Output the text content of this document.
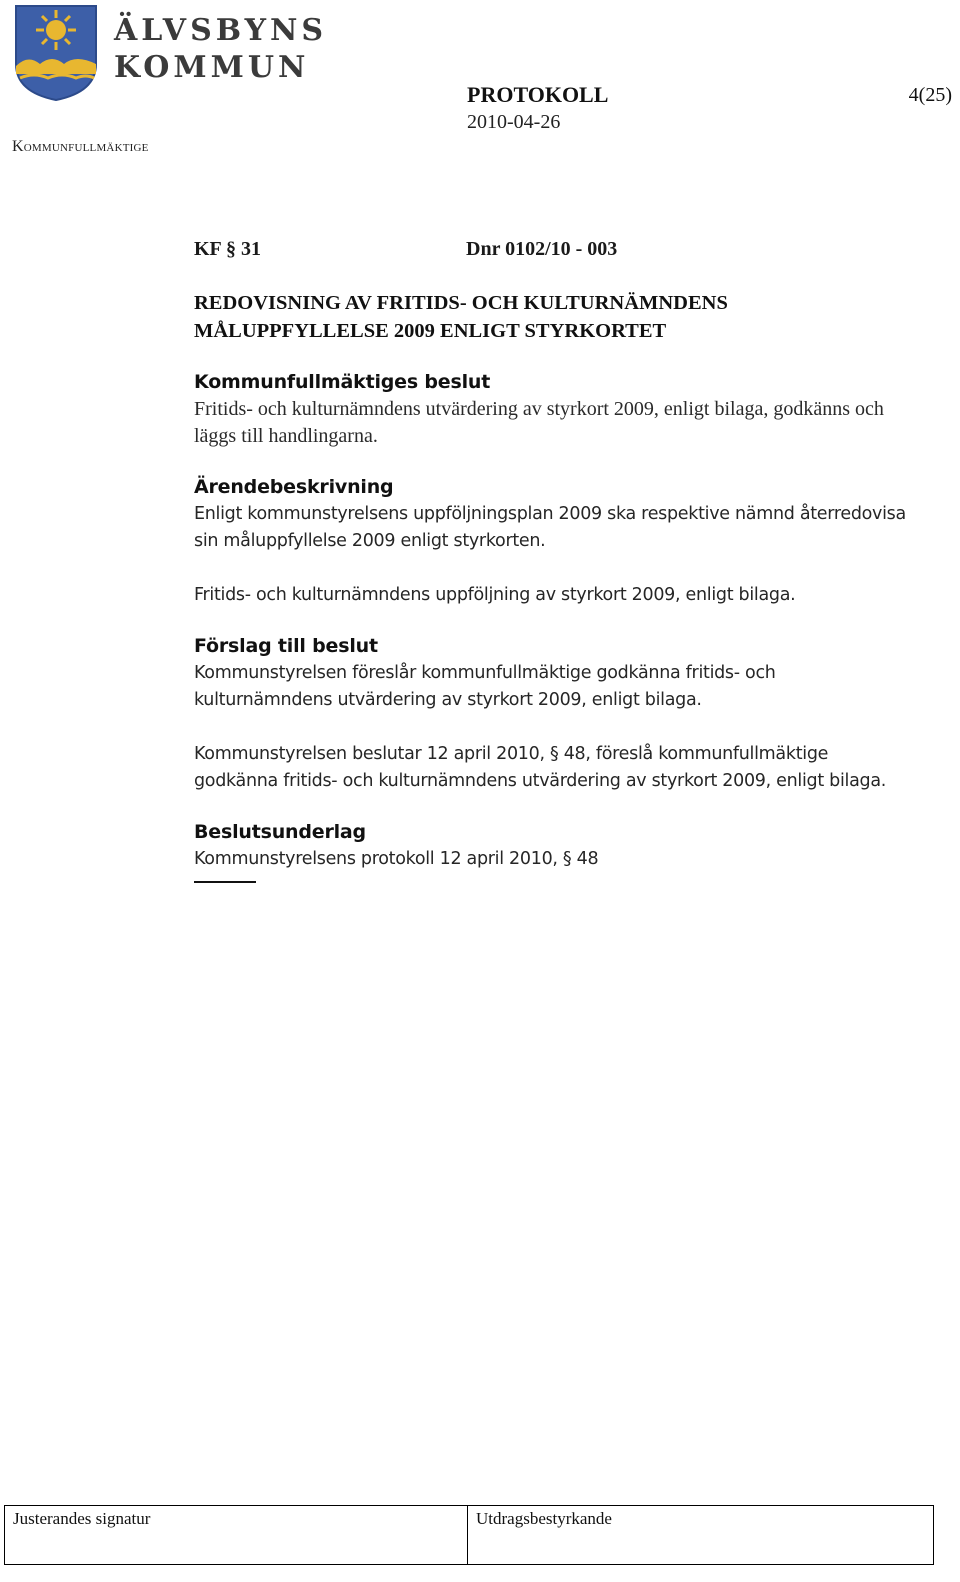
ÄLVSBYNS
KOMMUN
Kommunfullmäktige
PROTOKOLL	4(25)
2010-04-26
KF § 31	Dnr 0102/10 - 003
REDOVISNING AV FRITIDS- OCH KULTURNÄMNDENS
MÅLUPPFYLLELSE 2009 ENLIGT STYRKORTET
Kommunfullmäktiges beslut
Fritids- och kulturnämndens utvärdering av styrkort 2009, enligt bilaga, godkänns och läggs till handlingarna.
Ärendebeskrivning
Enligt kommunstyrelsens uppföljningsplan 2009 ska respektive nämnd återredovisa sin måluppfyllelse 2009 enligt styrkorten.
Fritids- och kulturnämndens uppföljning av styrkort 2009, enligt bilaga.
Förslag till beslut
Kommunstyrelsen föreslår kommunfullmäktige godkänna fritids- och kulturnämndens utvärdering av styrkort 2009, enligt bilaga.
Kommunstyrelsen beslutar 12 april 2010, § 48, föreslå kommunfullmäktige godkänna fritids- och kulturnämndens utvärdering av styrkort 2009, enligt bilaga.
Beslutsunderlag
Kommunstyrelsens protokoll 12 april 2010, § 48
Justerandes signatur	Utdragsbestyrkande
